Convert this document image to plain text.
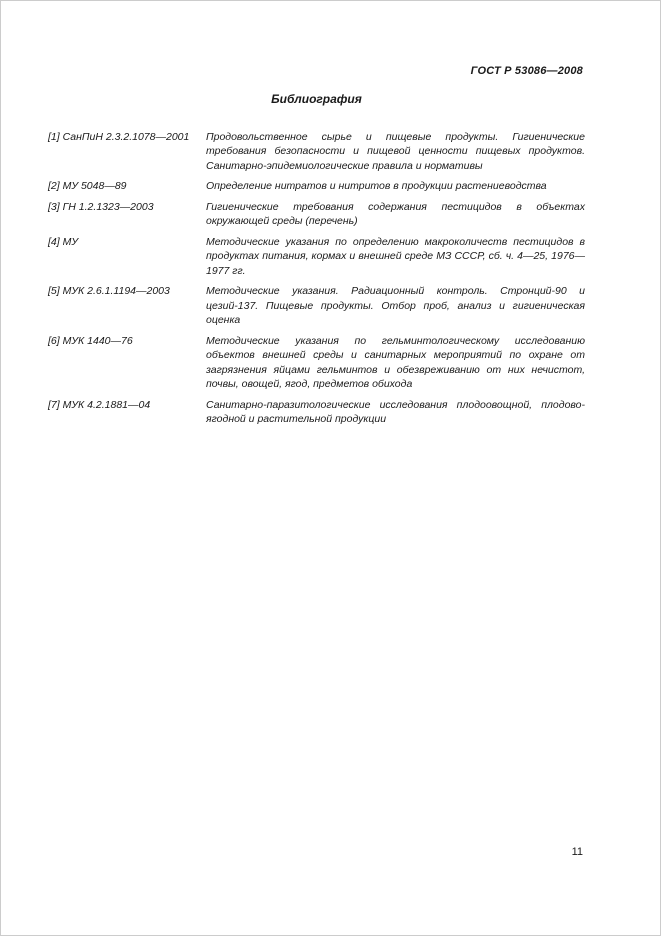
ГОСТ Р 53086—2008
Библиография
[1] СанПиН 2.3.2.1078—2001	Продовольственное сырье и пищевые продукты. Гигиенические требования безопасности и пищевой ценности пищевых продуктов. Санитарно-эпидемиологические правила и нормативы
[2] МУ 5048—89	Определение нитратов и нитритов в продукции растениеводства
[3] ГН 1.2.1323—2003	Гигиенические требования содержания пестицидов в объектах окружающей среды (перечень)
[4] МУ	Методические указания по определению макроколичеств пестицидов в продуктах питания, кормах и внешней среде МЗ СССР, сб. ч. 4—25, 1976—1977 гг.
[5] МУК 2.6.1.1194—2003	Методические указания. Радиационный контроль. Стронций-90 и цезий-137. Пищевые продукты. Отбор проб, анализ и гигиеническая оценка
[6] МУК 1440—76	Методические указания по гельминтологическому исследованию объектов внешней среды и санитарных мероприятий по охране от загрязнения яйцами гельминтов и обезвреживанию от них нечистот, почвы, овощей, ягод, предметов обихода
[7] МУК 4.2.1881—04	Санитарно-паразитологические исследования плодоовощной, плодово-ягодной и растительной продукции
11
